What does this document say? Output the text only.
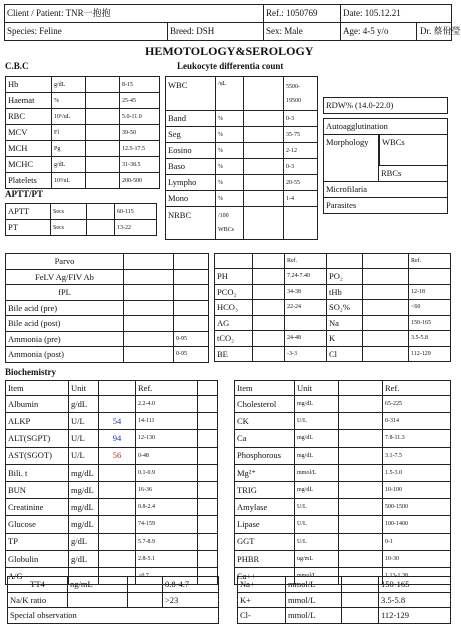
Client / Patient: TNR一抱抱		Ref.: 1050769	Date: 105.12.21
Species: Feline	Breed: DSH	Sex: Male	Age: 4-5 y/o Dr. 蔡佾瑩
HEMOTOLOGY&SEROLOGY
C.B.C
Hb	g/dL		8-15
Haemat	%		25-45
RBC	10⁶/uL		5.0-11.0
MCV	Fl		39-50
MCH	Pg		12.5-17.5
MCHC	g/dL		31-38.5
Platelets	10³/uL		200-500
Leukocyte differentia count
WBC	/uL		5500-
19500

Band	%		0-3
Seg	%		35-75
Eosino	%		2-12
Baso	%		0-3
Lympho	%		20-55
Mono	%		1-4
NRBC	/100
WBCs		

RDW% (14.0-22.0)
Autoagglutination	
Morphology	WBCs

	RBCs
Microfilaria	
Parasites	
APTT/PT
APTT	Secs		60-115
PT	Secs		13-22
Parvo		
FeLV Ag/FIV Ab		
fPL		
Bile acid (pre)		
Bile acid (post)		
Ammonia (pre)		0-95
Ammonia (post)		0-95
		Ref.			Ref.
PH		7.24-7.40	PO₂		
PCO₂		34-38	tHb		12-18
HCO₃		22-24	SO₂%		<60
AG			Na		150-165
tCO₂		24-48	K		3.5-5.8
BE		-3-3	Cl		112-129
Biochemistry
Item	Unit		Ref.	
Albumin	g/dL		2.2-4.0	
ALKP	U/L	54	14-111	
ALT(SGPT)	U/L	94	12-130	
AST(SGOT)	U/L	56	0-48	
Bili. t	mg/dL		0.1-0.9	
BUN	mg/dL		16-36	
Creatinine	mg/dL		0.8-2.4	
Glucose	mg/dL		74-159	
TP	g/dL		5.7-8.9	
Globulin	g/dL		2.8-5.1	
A/G			>0.7	
Item	Unit		Ref.
Cholesterol	mg/dL		65-225
CK	U/L		0-314
Ca	mg/dL		7.8-11.3
Phosphorous	mg/dL		3.1-7.5
Mg²⁺	mmol/L		1.5-3.0
TRIG	mg/dL		10-100
Amylase	U/L		500-1500
Lipase	U/L		100-1400
GGT	U/L		0-1
PHBR	ug/mL		10-30
Ca++	mmol/L		1.13-1.38
TT4	ng/mL		0.8-4.7
Na/K ratio			>23
Special observation			
Na+	mmol/L		150-165
K+	mmol/L		3.5-5.8
Cl-	mmol/L		112-129
